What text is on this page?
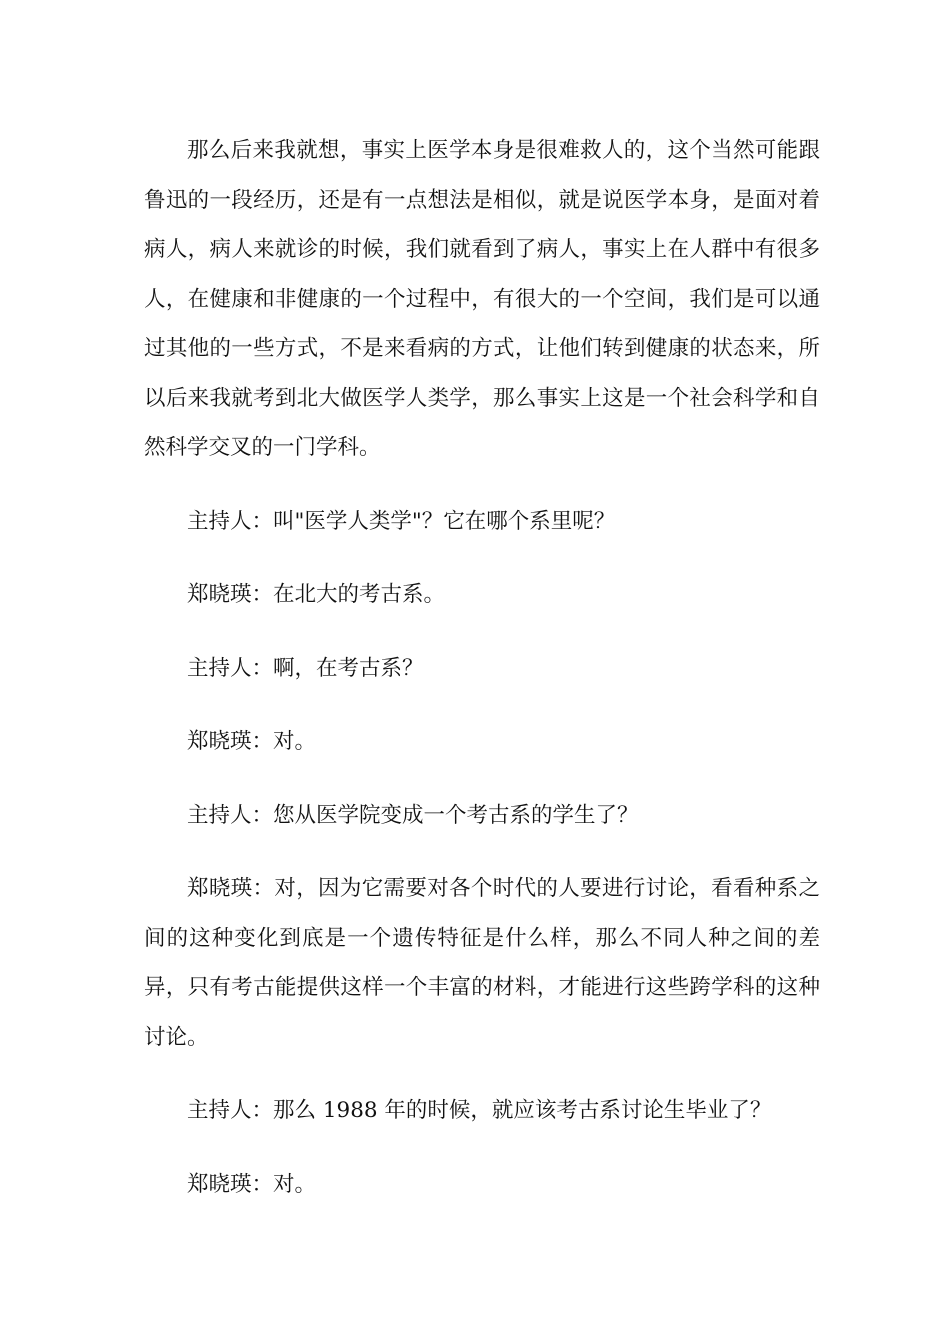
那么后来我就想，事实上医学本身是很难救人的，这个当然可能跟鲁迅的一段经历，还是有一点想法是相似，就是说医学本身，是面对着病人，病人来就诊的时候，我们就看到了病人，事实上在人群中有很多人，在健康和非健康的一个过程中，有很大的一个空间，我们是可以通过其他的一些方式，不是来看病的方式，让他们转到健康的状态来，所以后来我就考到北大做医学人类学，那么事实上这是一个社会科学和自然科学交叉的一门学科。

主持人：叫"医学人类学"？它在哪个系里呢？

郑晓瑛：在北大的考古系。

主持人：啊，在考古系？

郑晓瑛：对。

主持人：您从医学院变成一个考古系的学生了？

郑晓瑛：对，因为它需要对各个时代的人要进行讨论，看看种系之间的这种变化到底是一个遗传特征是什么样，那么不同人种之间的差异，只有考古能提供这样一个丰富的材料，才能进行这些跨学科的这种讨论。

主持人：那么 1988 年的时候，就应该考古系讨论生毕业了？

郑晓瑛：对。
